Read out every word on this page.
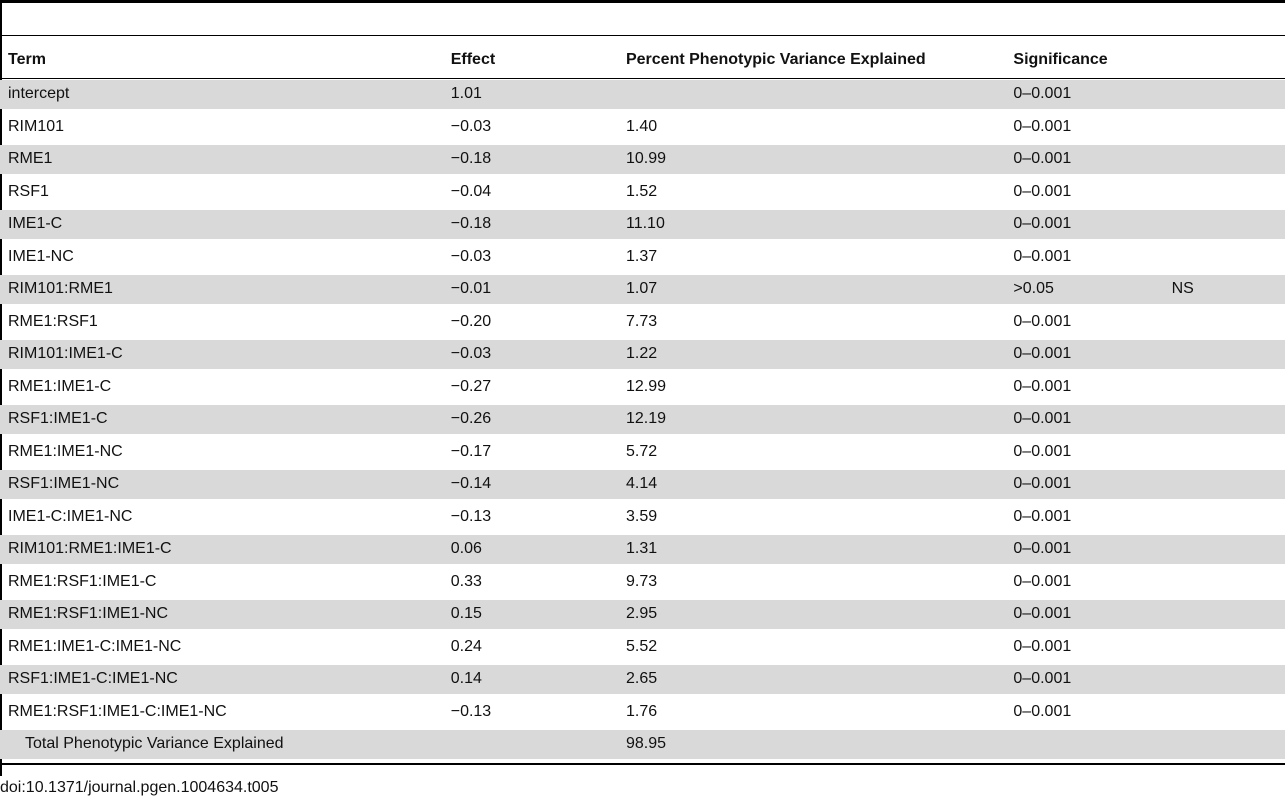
Term	Effect	Percent Phenotypic Variance Explained	Significance	
intercept	1.01		0–0.001	
RIM101	−0.03	1.40	0–0.001	
RME1	−0.18	10.99	0–0.001	
RSF1	−0.04	1.52	0–0.001	
IME1-C	−0.18	11.10	0–0.001	
IME1-NC	−0.03	1.37	0–0.001	
RIM101:RME1	−0.01	1.07	>0.05	NS
RME1:RSF1	−0.20	7.73	0–0.001	
RIM101:IME1-C	−0.03	1.22	0–0.001	
RME1:IME1-C	−0.27	12.99	0–0.001	
RSF1:IME1-C	−0.26	12.19	0–0.001	
RME1:IME1-NC	−0.17	5.72	0–0.001	
RSF1:IME1-NC	−0.14	4.14	0–0.001	
IME1-C:IME1-NC	−0.13	3.59	0–0.001	
RIM101:RME1:IME1-C	0.06	1.31	0–0.001	
RME1:RSF1:IME1-C	0.33	9.73	0–0.001	
RME1:RSF1:IME1-NC	0.15	2.95	0–0.001	
RME1:IME1-C:IME1-NC	0.24	5.52	0–0.001	
RSF1:IME1-C:IME1-NC	0.14	2.65	0–0.001	
RME1:RSF1:IME1-C:IME1-NC	−0.13	1.76	0–0.001	
Total Phenotypic Variance Explained		98.95		
doi:10.1371/journal.pgen.1004634.t005
